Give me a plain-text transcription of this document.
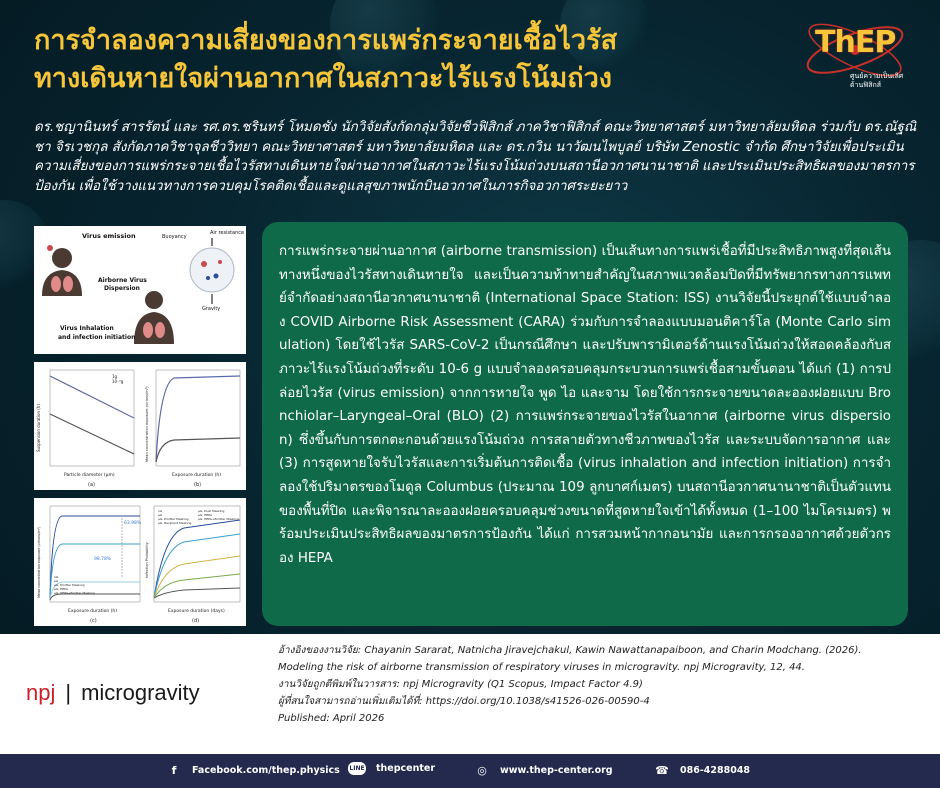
การจำลองความเสี่ยงของการแพร่กระจายเชื้อไวรัส
ทางเดินหายใจผ่านอากาศในสภาวะไร้แรงโน้มถ่วง
ThEP
ศูนย์ความเป็นเลิศ
ด้านฟิสิกส์
ดร.ชญานินทร์ สารรัตน์ และ รศ.ดร.ชรินทร์ โหมดชัง นักวิจัยสังกัดกลุ่มวิจัยชีวฟิสิกส์ ภาควิชาฟิสิกส์ คณะวิทยาศาสตร์ มหาวิทยาลัยมหิดล ร่วมกับ ดร.ณัฐณิชา จิรเวชกุล สังกัดภาควิชาจุลชีววิทยา คณะวิทยาศาสตร์ มหาวิทยาลัยมหิดล และ ดร.กวิน นาวัฒนไพบูลย์ บริษัท Zenostic จำกัด ศึกษาวิจัยเพื่อประเมินความเสี่ยงของการแพร่กระจายเชื้อไวรัสทางเดินหายใจผ่านอากาศในสภาวะไร้แรงโน้มถ่วงบนสถานีอวกาศนานาชาติ และประเมินประสิทธิผลของมาตรการป้องกัน เพื่อใช้วางแนวทางการควบคุมโรคติดเชื้อและดูแลสุขภาพนักบินอวกาศในภารกิจอวกาศระยะยาว
Virus emission	Buoyancy
Air resistance
Airborne Virus
Dispersion
Gravity
Virus Inhalation
and infection initiation
1g
10⁻⁶g
Particle diameter (µm)
Suspension duration (h)
(a)
Exposure duration (h)
Mean concentration exposure (virions/m³)
(b)
63.98%
98.78%
1G
μG
μG, Emitter Masking
μG, HEPA
μG, HEPA+Emitter Masking
Exposure duration (h)
Mean concentration exposure (virions/m³)
(c)
1G
μG
μG, Emitter Masking
μG, Recipient Masking
μG, Dual Masking
μG, HEPA
μG, HEPA+Emitter Masking
Exposure duration (days)
Infection Probability
(d)
การแพร่กระจายผ่านอากาศ (airborne transmission) เป็นเส้นทางการแพร่เชื้อที่มีประสิทธิภาพสูงที่สุดเส้นทางหนึ่งของไวรัสทางเดินหายใจ และเป็นความท้าทายสำคัญในสภาพแวดล้อมปิดที่มีทรัพยากรทางการแพทย์จำกัดอย่างสถานีอวกาศนานาชาติ (International Space Station: ISS) งานวิจัยนี้ประยุกต์ใช้แบบจำลอง COVID Airborne Risk Assessment (CARA) ร่วมกับการจำลองแบบมอนติคาร์โล (Monte Carlo simulation) โดยใช้ไวรัส SARS-CoV-2 เป็นกรณีศึกษา และปรับพารามิเตอร์ด้านแรงโน้มถ่วงให้สอดคล้องกับสภาวะไร้แรงโน้มถ่วงที่ระดับ 10-6 g แบบจำลองครอบคลุมกระบวนการแพร่เชื้อสามขั้นตอน ได้แก่ (1) การปล่อยไวรัส (virus emission) จากการหายใจ พูด ไอ และจาม โดยใช้การกระจายขนาดละอองฝอยแบบ Bronchiolar–Laryngeal–Oral (BLO) (2) การแพร่กระจายของไวรัสในอากาศ (airborne virus dispersion) ซึ่งขึ้นกับการตกตะกอนด้วยแรงโน้มถ่วง การสลายตัวทางชีวภาพของไวรัส และระบบจัดการอากาศ และ (3) การสูดหายใจรับไวรัสและการเริ่มต้นการติดเชื้อ (virus inhalation and infection initiation) การจำลองใช้ปริมาตรของโมดูล Columbus (ประมาณ 109 ลูกบาศก์เมตร) บนสถานีอวกาศนานาชาติเป็นตัวแทนของพื้นที่ปิด และพิจารณาละอองฝอยครอบคลุมช่วงขนาดที่สูดหายใจเข้าได้ทั้งหมด (1–100 ไมโครเมตร) พร้อมประเมินประสิทธิผลของมาตรการป้องกัน ได้แก่ การสวมหน้ากากอนามัย และการกรองอากาศด้วยตัวกรอง HEPA
npj | microgravity
อ้างอิงของงานวิจัย: Chayanin Sararat, Natnicha Jiravejchakul, Kawin Nawattanapaiboon, and Charin Modchang. (2026).
Modeling the risk of airborne transmission of respiratory viruses in microgravity. npj Microgravity, 12, 44.
งานวิจัยถูกตีพิมพ์ในวารสาร: npj Microgravity (Q1 Scopus, Impact Factor 4.9)
ผู้ที่สนใจสามารถอ่านเพิ่มเติมได้ที่: https://doi.org/10.1038/s41526-026-00590-4
Published: April 2026
f	Facebook.com/thep.physics LINE thepcenter	◎	www.thep-center.org	☎ 086-4288048
